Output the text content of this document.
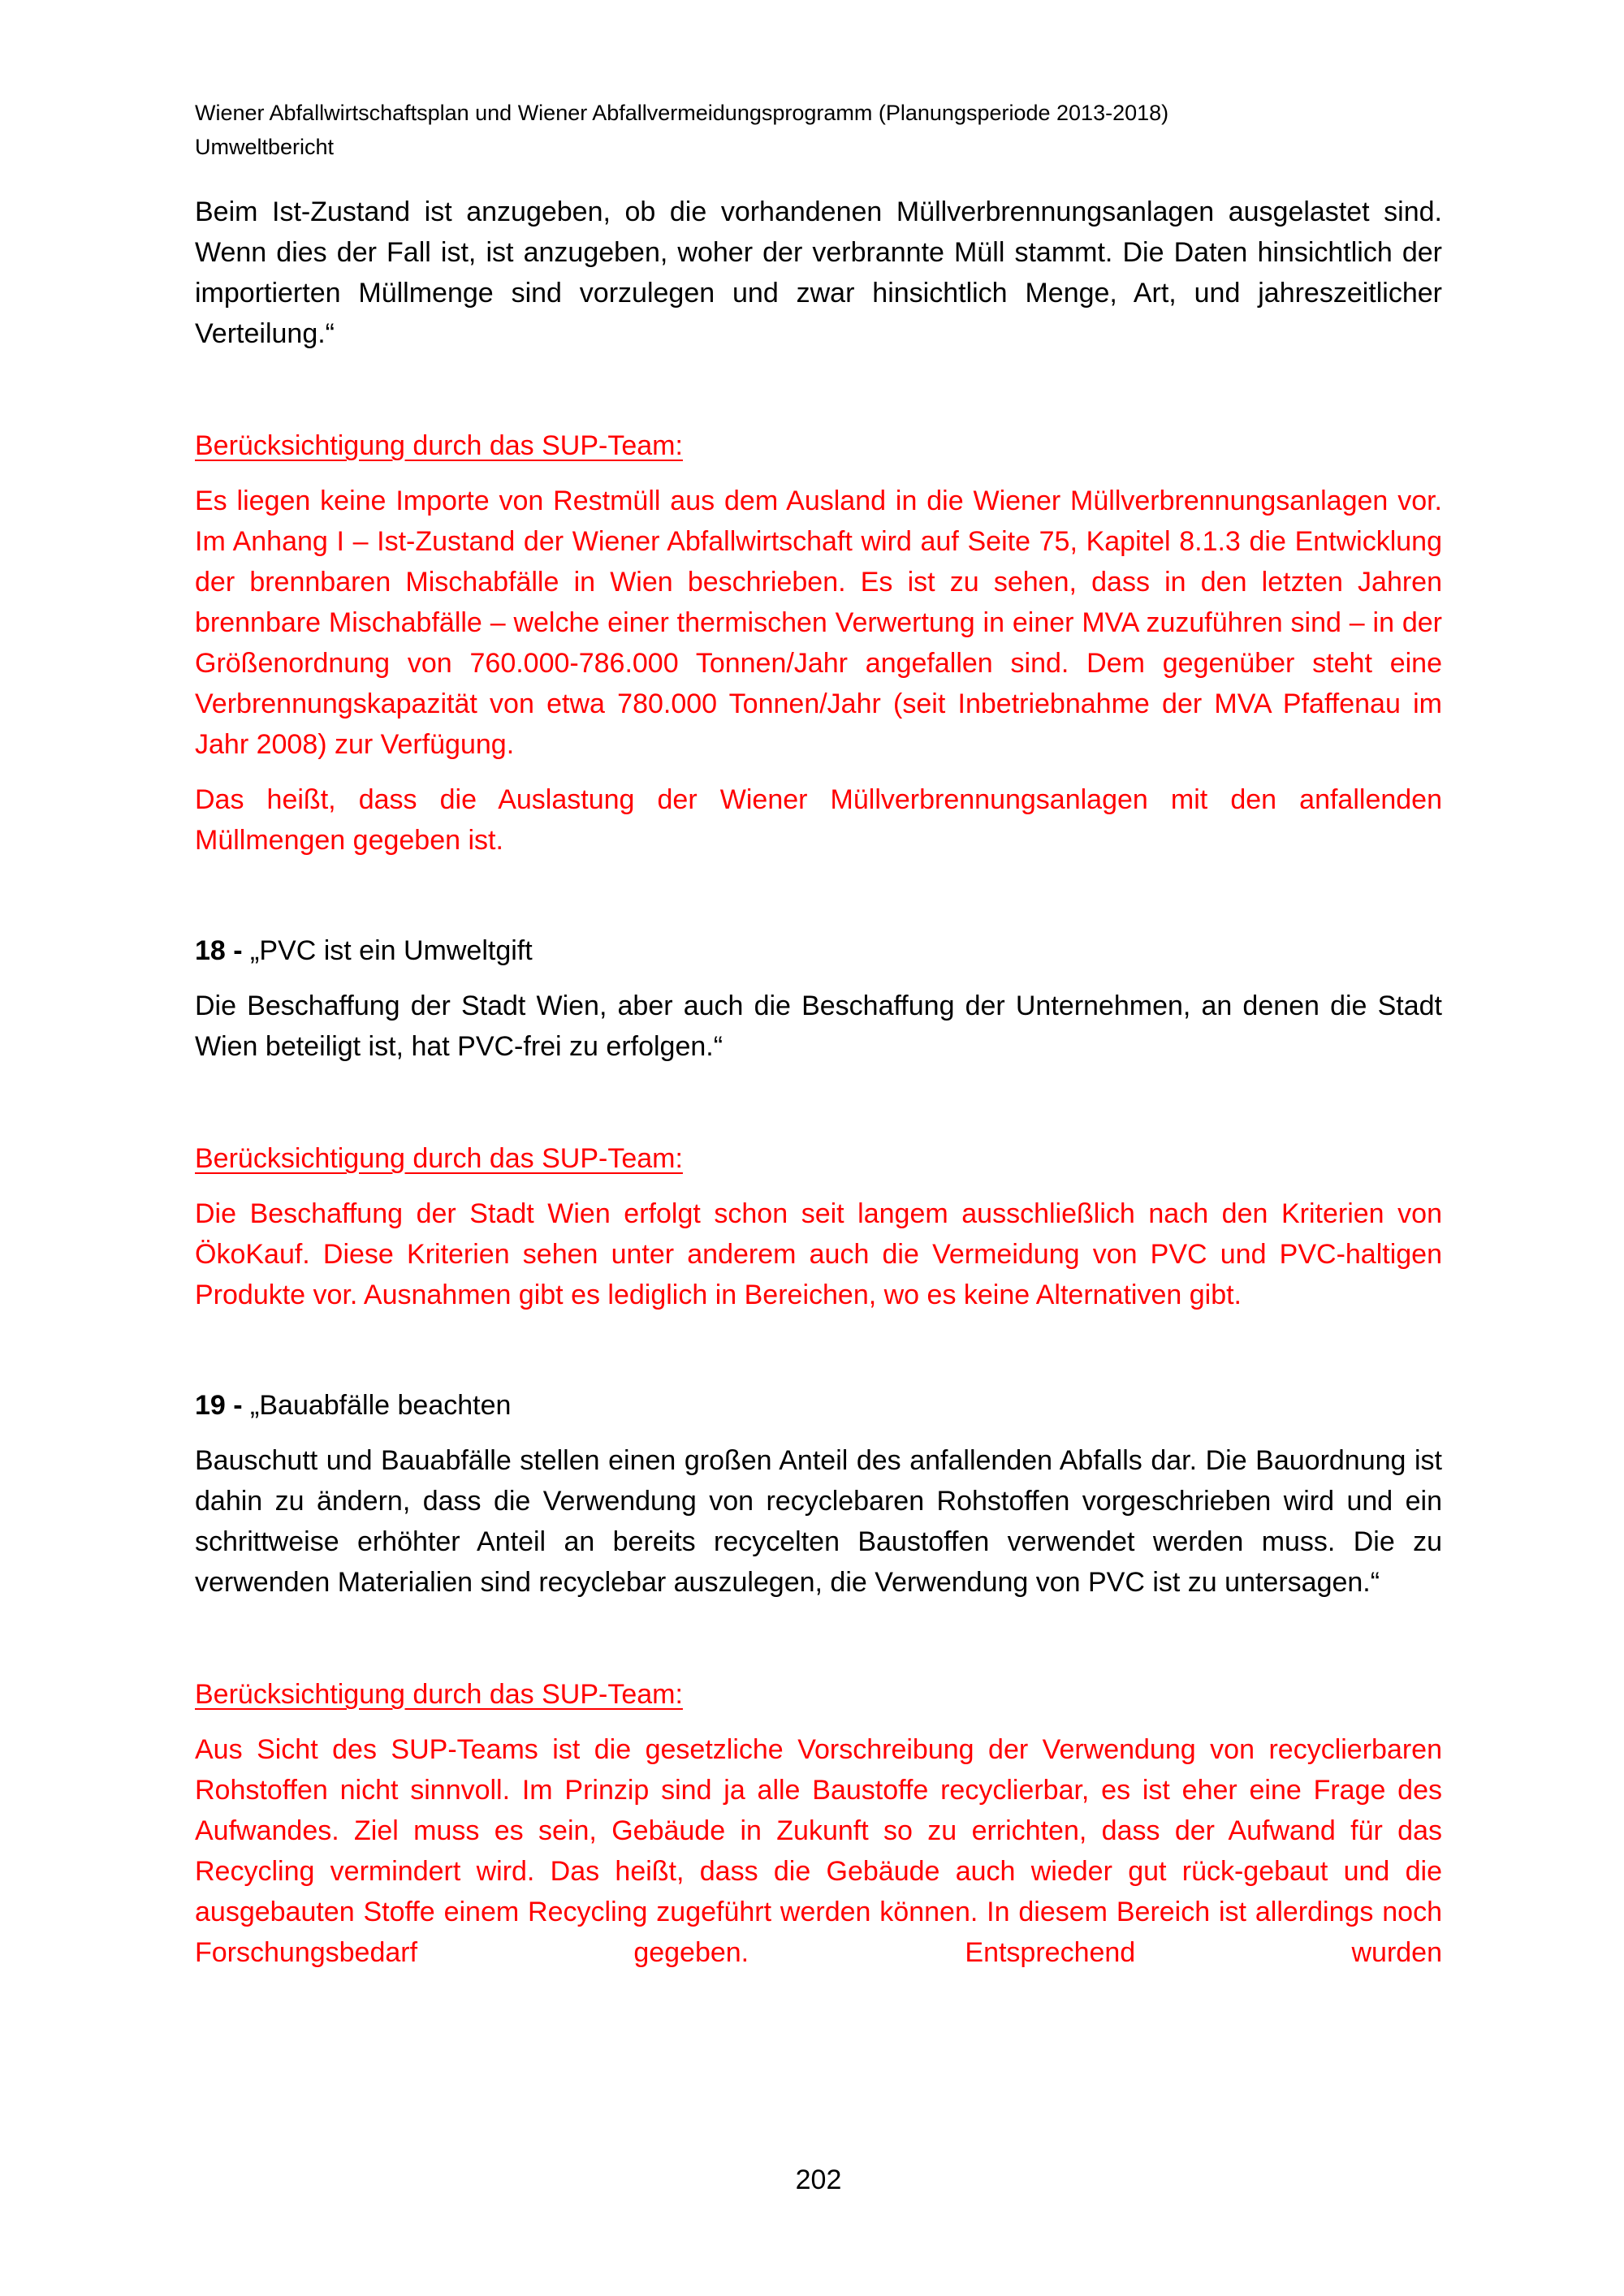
Wiener Abfallwirtschaftsplan und Wiener Abfallvermeidungsprogramm (Planungsperiode 2013-2018)
Umweltbericht

Beim Ist-Zustand ist anzugeben, ob die vorhandenen Müllverbrennungsanlagen ausgelastet sind. Wenn dies der Fall ist, ist anzugeben, woher der verbrannte Müll stammt. Die Daten hinsichtlich der importierten Müllmenge sind vorzulegen und zwar hinsichtlich Menge, Art, und jahreszeitlicher Verteilung.“

Berücksichtigung durch das SUP-Team:

Es liegen keine Importe von Restmüll aus dem Ausland in die Wiener Müllverbrennungsanlagen vor. Im Anhang I – Ist-Zustand der Wiener Abfallwirtschaft wird auf Seite 75, Kapitel 8.1.3 die Entwicklung der brennbaren Mischabfälle in Wien beschrieben. Es ist zu sehen, dass in den letzten Jahren brennbare Mischabfälle – welche einer thermischen Verwertung in einer MVA zuzuführen sind – in der Größenordnung von 760.000-786.000 Tonnen/Jahr angefallen sind. Dem gegenüber steht eine Verbrennungskapazität von etwa 780.000 Tonnen/Jahr (seit Inbetriebnahme der MVA Pfaffenau im Jahr 2008) zur Verfügung.

Das heißt, dass die Auslastung der Wiener Müllverbrennungsanlagen mit den anfallenden Müllmengen gegeben ist.

18 - „PVC ist ein Umweltgift

Die Beschaffung der Stadt Wien, aber auch die Beschaffung der Unternehmen, an denen die Stadt Wien beteiligt ist, hat PVC-frei zu erfolgen.“

Berücksichtigung durch das SUP-Team:

Die Beschaffung der Stadt Wien erfolgt schon seit langem ausschließlich nach den Kriterien von ÖkoKauf. Diese Kriterien sehen unter anderem auch die Vermeidung von PVC und PVC-haltigen Produkte vor. Ausnahmen gibt es lediglich in Bereichen, wo es keine Alternativen gibt.

19 - „Bauabfälle beachten

Bauschutt und Bauabfälle stellen einen großen Anteil des anfallenden Abfalls dar. Die Bauordnung ist dahin zu ändern, dass die Verwendung von recyclebaren Rohstoffen vorgeschrieben wird und ein schrittweise erhöhter Anteil an bereits recycelten Baustoffen verwendet werden muss. Die zu verwenden Materialien sind recyclebar auszulegen, die Verwendung von PVC ist zu untersagen.“

Berücksichtigung durch das SUP-Team:

Aus Sicht des SUP-Teams ist die gesetzliche Vorschreibung der Verwendung von recyclierbaren Rohstoffen nicht sinnvoll. Im Prinzip sind ja alle Baustoffe recyclierbar, es ist eher eine Frage des Aufwandes. Ziel muss es sein, Gebäude in Zukunft so zu errichten, dass der Aufwand für das Recycling vermindert wird. Das heißt, dass die Gebäude auch wieder gut rück-gebaut und die ausgebauten Stoffe einem Recycling zugeführt werden können. In diesem Bereich ist allerdings noch Forschungsbedarf gegeben. Entsprechend wurden

202
